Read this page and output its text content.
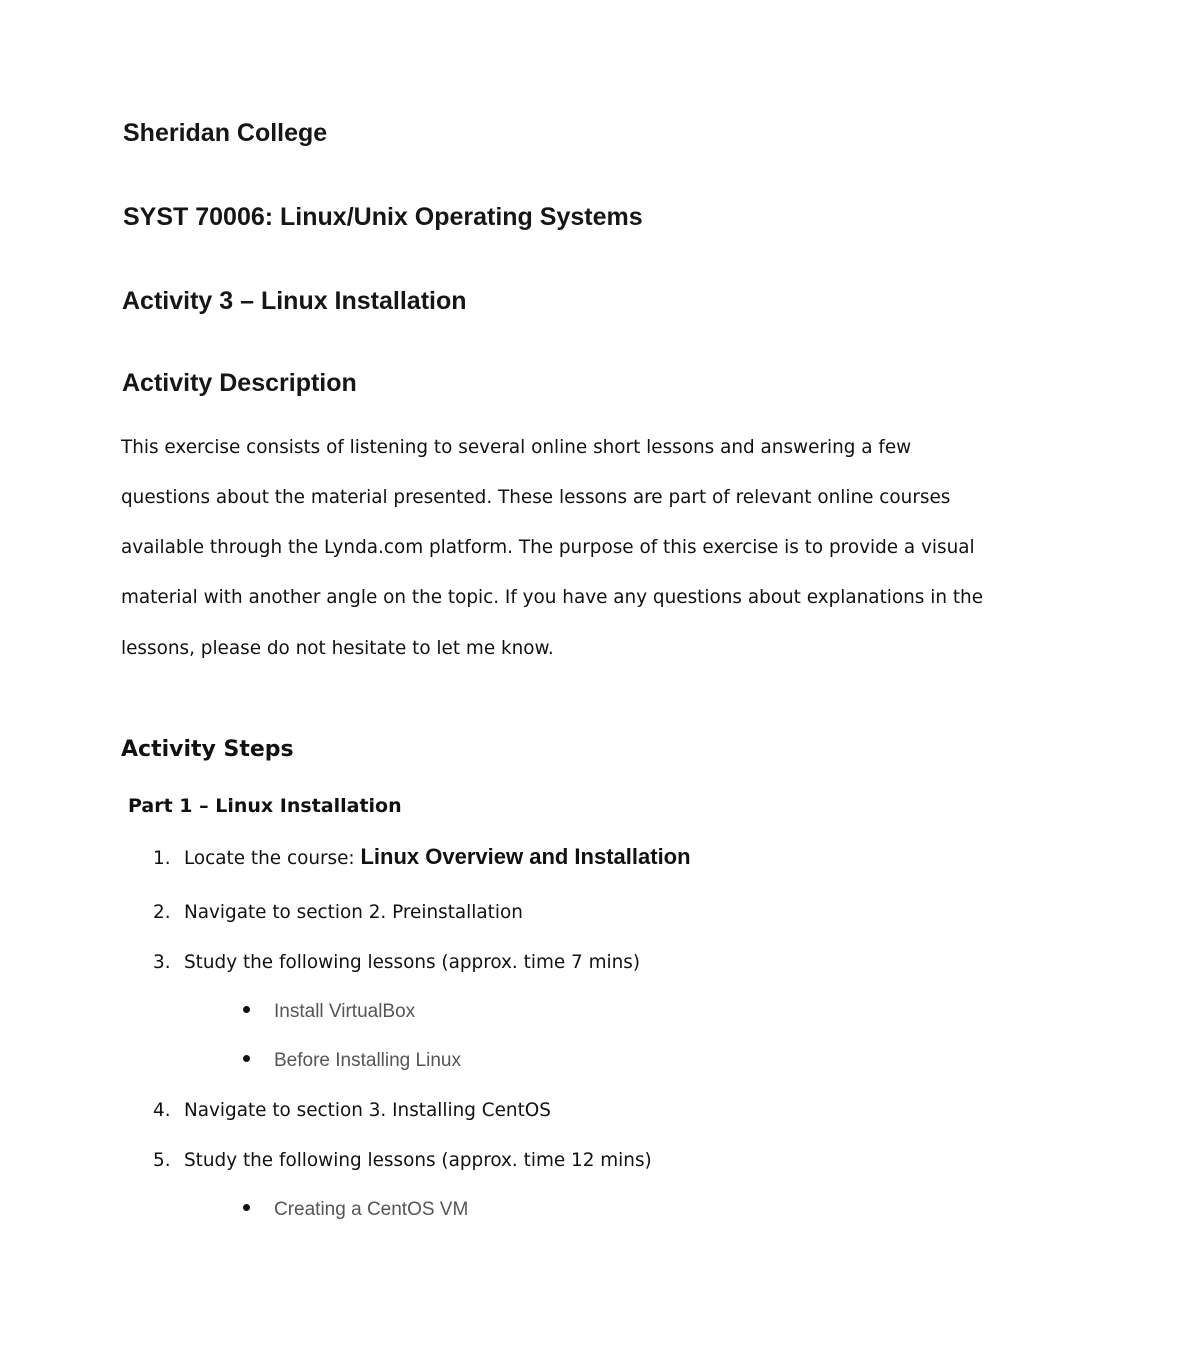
Sheridan College
SYST 70006: Linux/Unix Operating Systems
Activity 3 – Linux Installation
Activity Description
This exercise consists of listening to several online short lessons and answering a few
questions about the material presented. These lessons are part of relevant online courses
available through the Lynda.com platform. The purpose of this exercise is to provide a visual
material with another angle on the topic. If you have any questions about explanations in the
lessons, please do not hesitate to let me know.
Activity Steps
Part 1 – Linux Installation
1. Locate the course: Linux Overview and Installation
2. Navigate to section 2. Preinstallation
3. Study the following lessons (approx. time 7 mins)
Install VirtualBox
Before Installing Linux
4. Navigate to section 3. Installing CentOS
5. Study the following lessons (approx. time 12 mins)
Creating a CentOS VM
